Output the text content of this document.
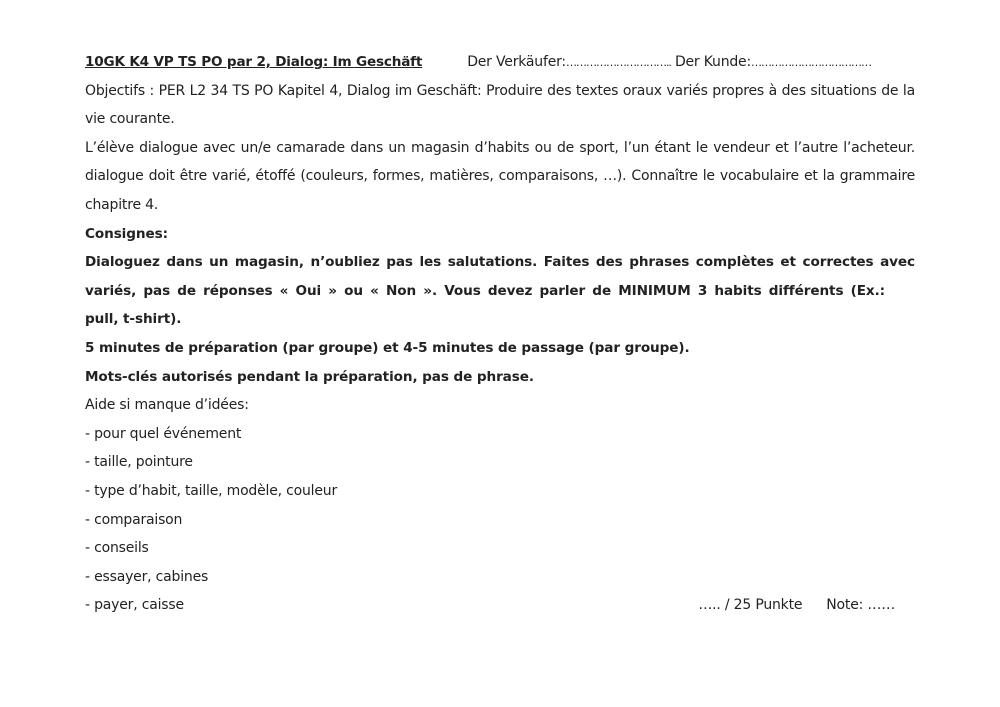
10GK K4 VP TS PO par 2, Dialog: Im Geschäft	Der Verkäufer: ………………………….. Der Kunde: ………………………………
Objectifs : PER L2 34 TS PO Kapitel 4, Dialog im Geschäft: Produire des textes oraux variés propres à des situations de la
vie courante.
L’élève dialogue avec un/e camarade dans un magasin d’habits ou de sport, l’un étant le vendeur et l’autre l’acheteur.
dialogue doit être varié, étoffé (couleurs, formes, matières, comparaisons, …). Connaître le vocabulaire et la grammaire
chapitre 4.
Consignes:
Dialoguez dans un magasin, n’oubliez pas les salutations. Faites des phrases complètes et correctes avec
variés, pas de réponses « Oui » ou « Non ». Vous devez parler de MINIMUM 3 habits différents (Ex.:
pull, t-shirt).
5 minutes de préparation (par groupe) et 4-5 minutes de passage (par groupe).
Mots-clés autorisés pendant la préparation, pas de phrase.
Aide si manque d’idées:
- pour quel événement
- taille, pointure
- type d’habit, taille, modèle, couleur
- comparaison
- conseils
- essayer, cabines
- payer, caisse	….. / 25 Punkte Note: ……
